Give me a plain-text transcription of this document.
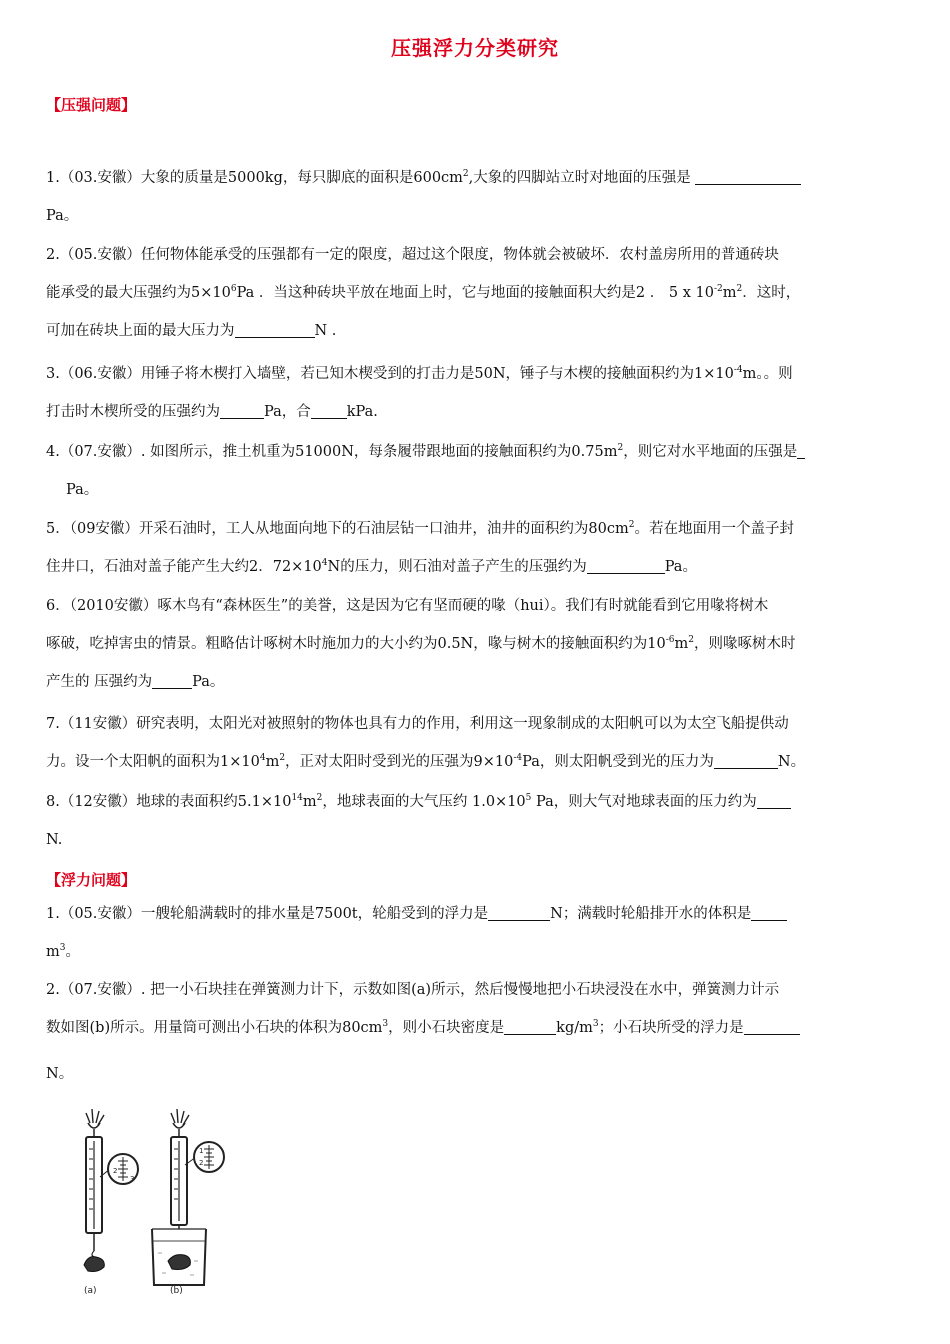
压强浮力分类研究
【压强问题】
1.（03.安徽）大象的质量是5000kg，每只脚底的面积是$600cm^2$,大象的四脚站立时对地面的压强是
Pa。
2.（05.安徽）任何物体能承受的压强都有一定的限度，超过这个限度，物体就会被破坏．农村盖房所用的普通砖块
能承受的最大压强约为$5\times 10^6Pa$ ．当这种砖块平放在地面上时，它与地面的接触面积大约是2 ． 5 x $10^{-2}m^2$．这时，
可加在砖块上面的最大压力为	N .
3.（06.安徽）用锤子将木楔打入墙壁，若已知木楔受到的打击力是50N，锤子与木楔的接触面积约为$1\times 10^{-4}m$。。则
打击时木楔所受的压强约为	Pa，合 kPa.
4.（07.安徽）. 如图所示，推土机重为51000N，每条履带跟地面的接触面积约为$0.75m^2$，则它对水平地面的压强是
Pa。
5．（09安徽）开采石油时，工人从地面向地下的石油层钻一口油井，油井的面积约为$80cm^2$。若在地面用一个盖子封
住井口，石油对盖子能产生大约2．$72\times 10^4N$的压力，则石油对盖子产生的压强约为	Pa。
6．（2010安徽）啄木鸟有“森林医生”的美誉，这是因为它有坚而硬的喙（hui）。我们有时就能看到它用喙将树木
啄破，吃掉害虫的情景。粗略估计啄树木时施加力的大小约为0.5N，喙与树木的接触面积约为$10^{-6}m^2$，则喙啄树木时
产生的 压强约为	Pa。
7.（11安徽）研究表明，太阳光对被照射的物体也具有力的作用，利用这一现象制成的太阳帆可以为太空飞船提供动
力。设一个太阳帆的面积为$1\times 10^4m^2$，正对太阳时受到光的压强为$9\times 10^{-4}Pa$，则太阳帆受到光的压力为	N。
8.（12安徽）地球的表面积约$5.1\times 10^{14}m^2$，地球表面的大气压约 $1.0\times 10^5$ Pa，则大气对地球表面的压力约为
N.
【浮力问题】
1.（05.安徽）一艘轮船满载时的排水量是7500t，轮船受到的浮力是	N；满载时轮船排开水的体积是
$m^3$。
2.（07.安徽）. 把一小石块挂在弹簧测力计下，示数如图(a)所示，然后慢慢地把小石块浸没在水中，弹簧测力计示
数如图(b)所示。用量筒可测出小石块的体积为$80cm^3$，则小石块密度是	$kg/m^3$；小石块所受的浮力是
N。
2
3
(a)
1
2
(b)
